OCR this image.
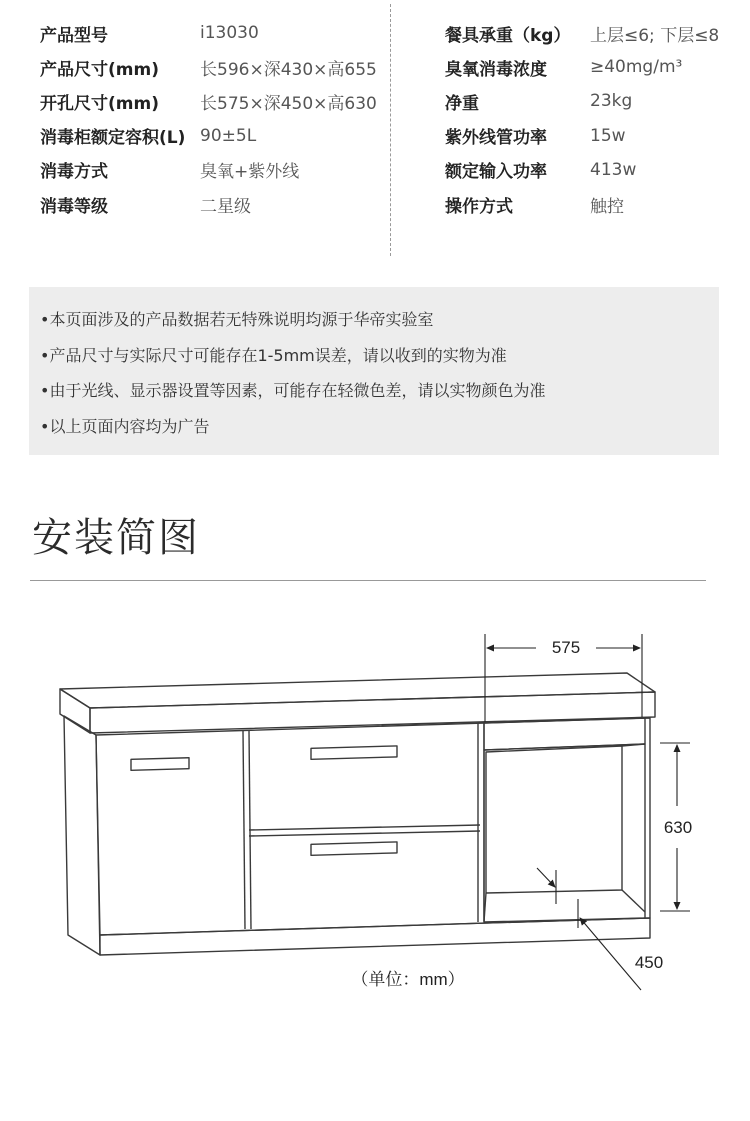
产品型号	i13030
产品尺寸(mm) 长596×深430×高655
开孔尺寸(mm) 长575×深450×高630
消毒柜额定容积(L) 90±5L
消毒方式	臭氧+紫外线
消毒等级	二星级
餐具承重（kg） 上层≤6; 下层≤8
臭氧消毒浓度	≥40mg/m³
净重	23kg
紫外线管功率	15w
额定输入功率	413w
操作方式	触控
•本页面涉及的产品数据若无特殊说明均源于华帝实验室
•产品尺寸与实际尺寸可能存在1-5mm误差，请以收到的实物为准
•由于光线、显示器设置等因素，可能存在轻微色差，请以实物颜色为准
•以上页面内容均为广告
安装简图
575
630
450
（单位：mm）
